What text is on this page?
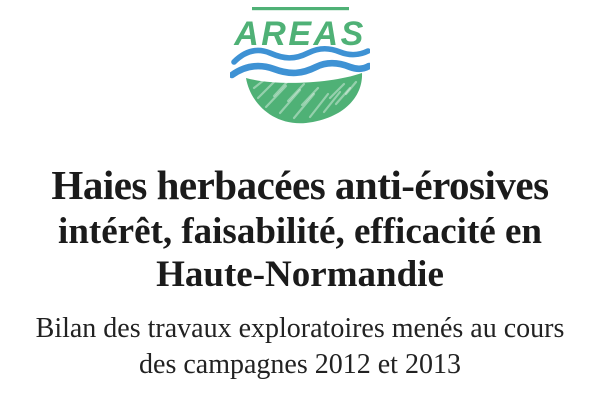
AREAS
Haies herbacées anti-érosives
intérêt, faisabilité, efficacité en
Haute-Normandie
Bilan des travaux exploratoires menés au cours
des campagnes 2012 et 2013
